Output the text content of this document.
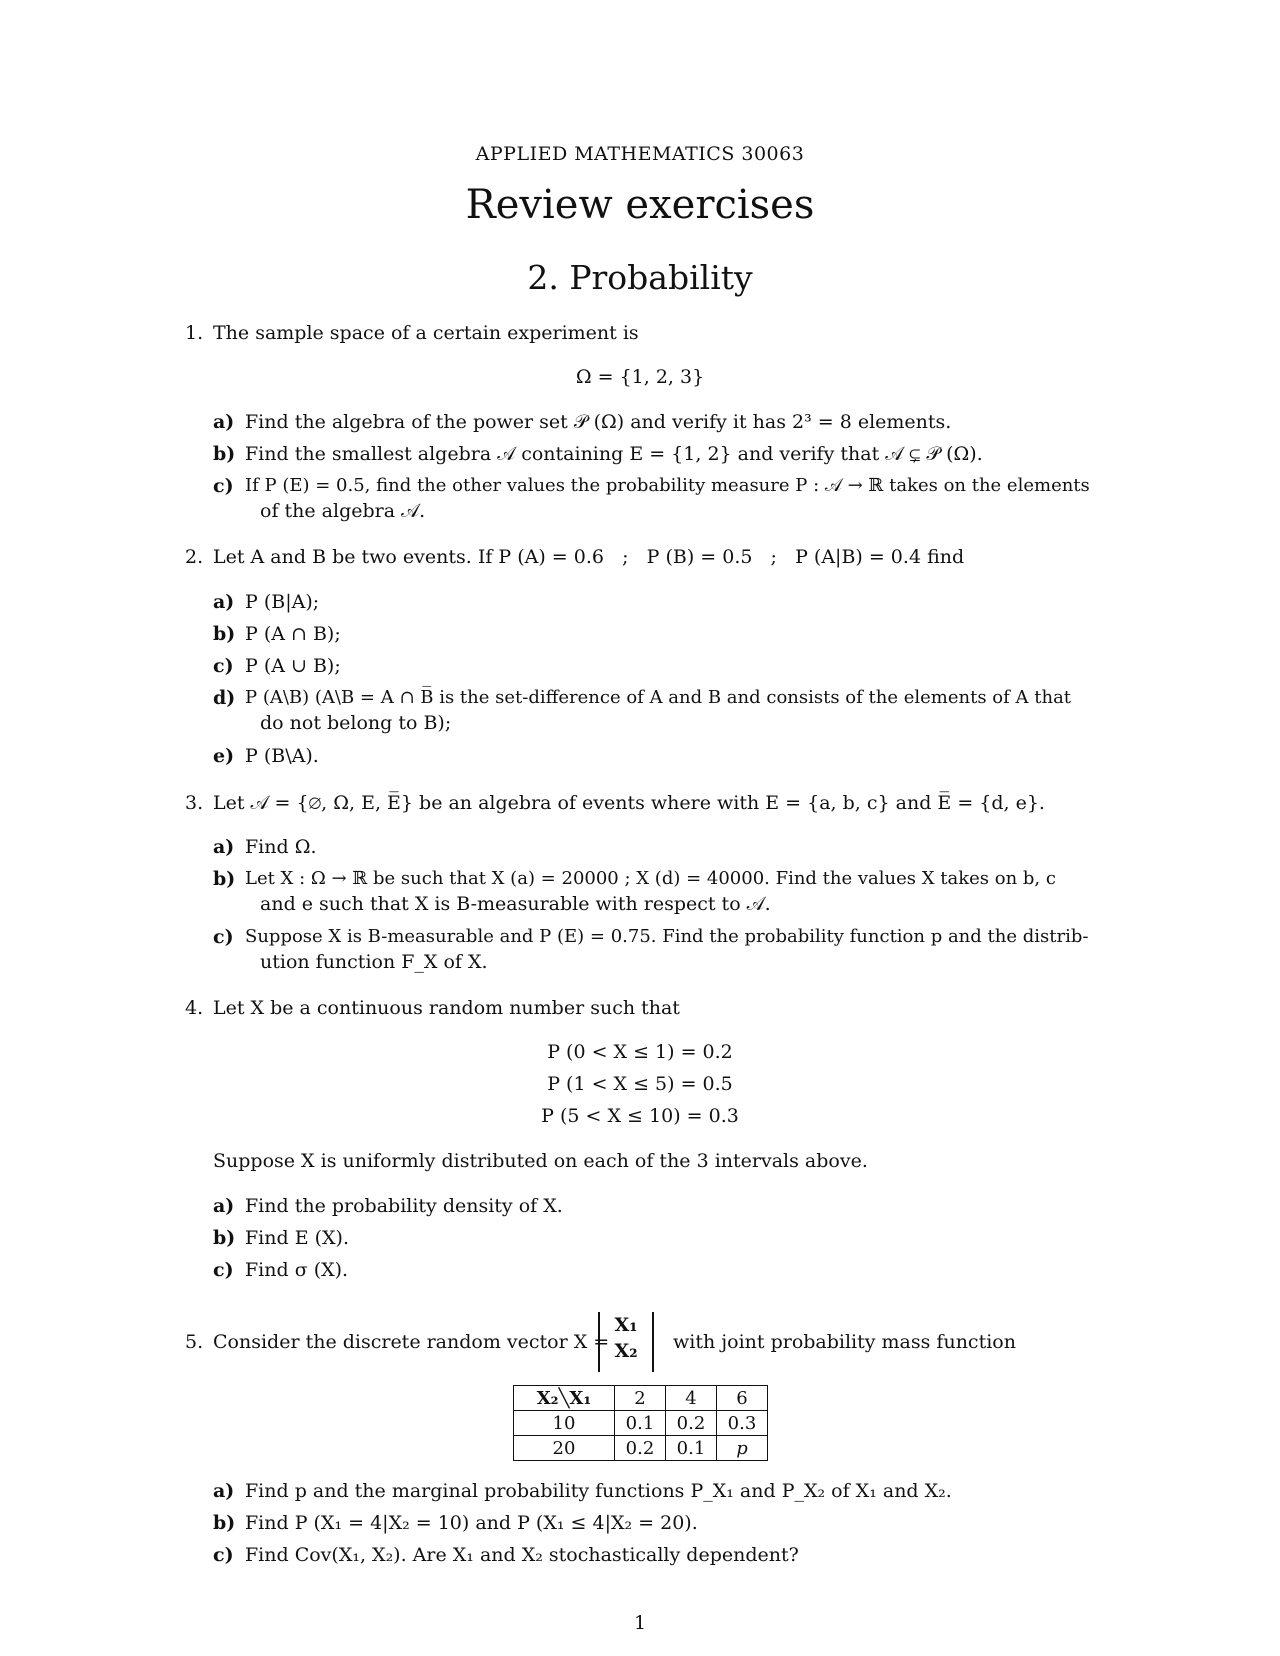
APPLIED MATHEMATICS 30063
Review exercises
2. Probability
1. The sample space of a certain experiment is
Ω = {1, 2, 3}
a) Find the algebra of the power set 𝒫 (Ω) and verify it has 2³ = 8 elements.
b) Find the smallest algebra 𝒜 containing E = {1, 2} and verify that 𝒜 ⊊ 𝒫 (Ω).
c) If P (E) = 0.5, find the other values the probability measure P : 𝒜 → ℝ takes on the elements
of the algebra 𝒜.
2. Let A and B be two events. If P (A) = 0.6   ;   P (B) = 0.5   ;   P (A|B) = 0.4 find
a) P (B|A);
b) P (A ∩ B);
c) P (A ∪ B);
d) P (A\B) (A\B = A ∩ B̅ is the set-difference of A and B and consists of the elements of A that
do not belong to B);
e) P (B\A).
3. Let 𝒜 = {∅, Ω, E, E̅} be an algebra of events where with E = {a, b, c} and E̅ = {d, e}.
a) Find Ω.
b) Let X : Ω → ℝ be such that X (a) = 20000 ; X (d) = 40000. Find the values X takes on b, c
and e such that X is B-measurable with respect to 𝒜.
c) Suppose X is B-measurable and P (E) = 0.75. Find the probability function p and the distrib-
ution function F_X of X.
4. Let X be a continuous random number such that
P (0 < X ≤ 1) = 0.2
P (1 < X ≤ 5) = 0.5
P (5 < X ≤ 10) = 0.3
Suppose X is uniformly distributed on each of the 3 intervals above.
a) Find the probability density of X.
b) Find E (X).
c) Find σ (X).
5. Consider the discrete random vector X =
X₁
X₂	with joint probability mass function
X₂╲X₁	2	4	6
10	0.1	0.2	0.3
20	0.2	0.1	p
a) Find p and the marginal probability functions P_X₁ and P_X₂ of X₁ and X₂.
b) Find P (X₁ = 4|X₂ = 10) and P (X₁ ≤ 4|X₂ = 20).
c) Find Cov(X₁, X₂). Are X₁ and X₂ stochastically dependent?
1
